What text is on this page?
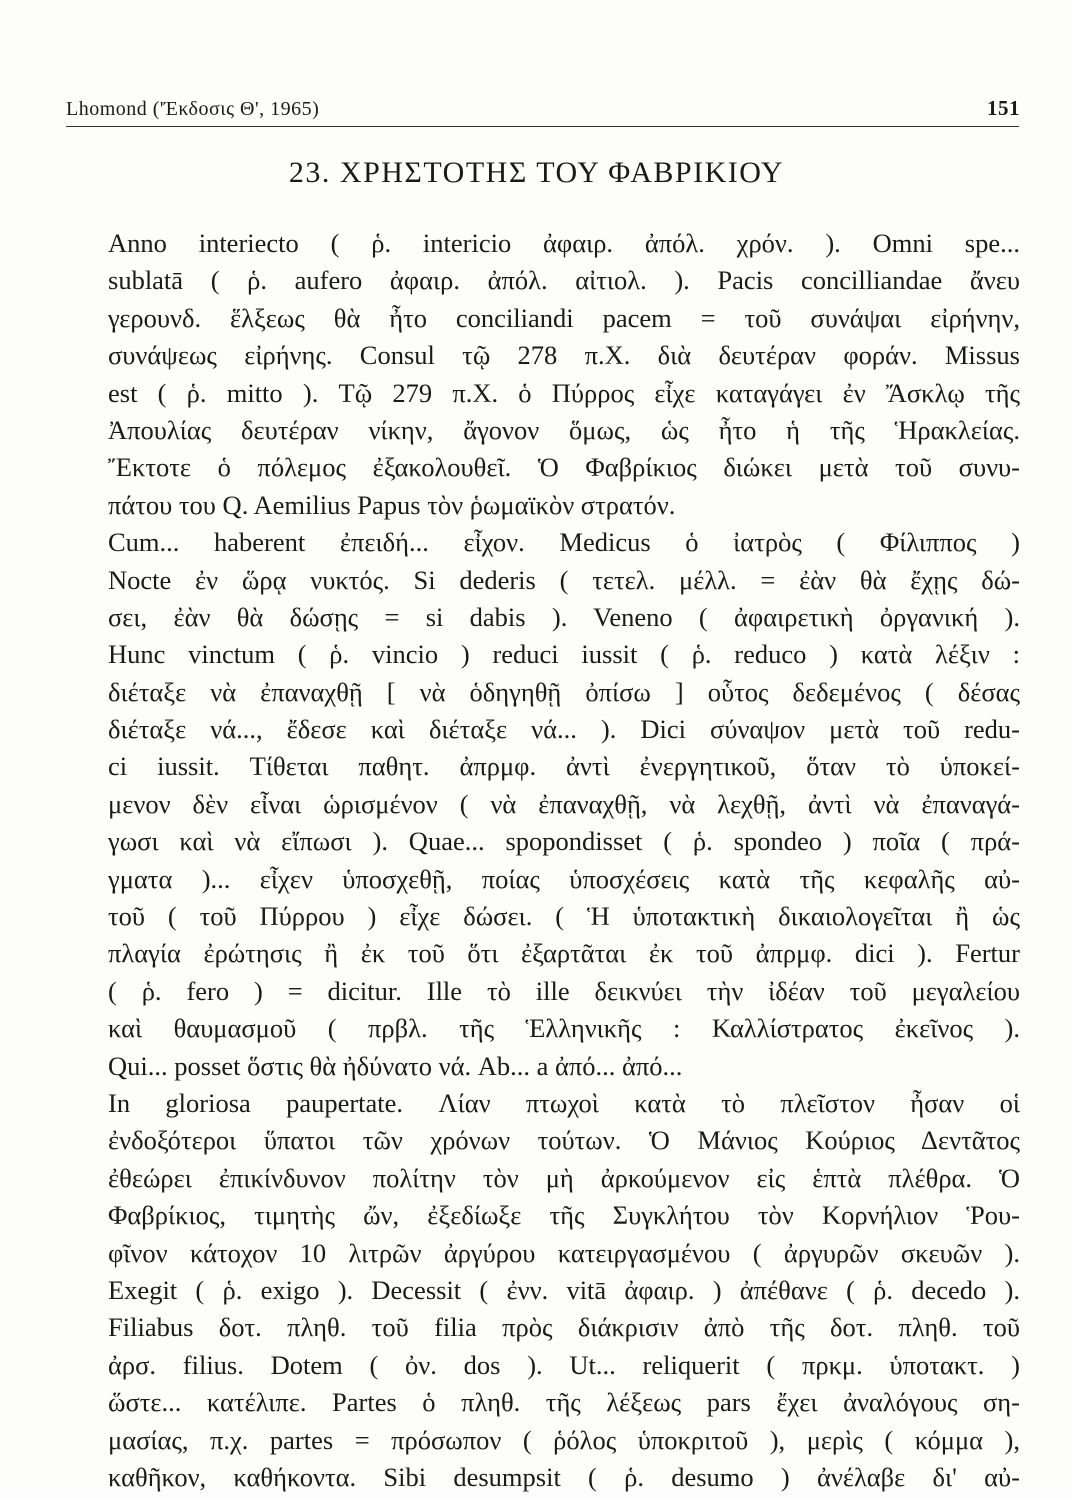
Lhomond ('Έκδοσις Θ', 1965)	151
23. ΧΡΗΣΤΟΤΗΣ ΤΟΥ ΦΑΒΡΙΚΙΟΥ
Anno interiecto ( ῥ. intericio ἀφαιρ. ἀπόλ. χρόν. ). Omni spe...
sublatā ( ῥ. aufero ἀφαιρ. ἀπόλ. αἰτιολ. ). Pacis concilliandae ἄνευ
γερουνδ. ἕλξεως θὰ ἦτο conciliandi pacem = τοῦ συνάψαι εἰρήνην,
συνάψεως εἰρήνης. Consul τῷ 278 π.Χ. διὰ δευτέραν φοράν. Missus
est ( ῥ. mitto ). Τῷ 279 π.Χ. ὁ Πύρρος εἶχε καταγάγει ἐν Ἄσκλῳ τῆς
Ἀπουλίας δευτέραν νίκην, ἄγονον ὅμως, ὡς ἦτο ἡ τῆς Ἡρακλείας.
Ἔκτοτε ὁ πόλεμος ἐξακολουθεῖ. Ὁ Φαβρίκιος διώκει μετὰ τοῦ συνυ-
πάτου του Q. Aemilius Papus τὸν ῥωμαϊκὸν στρατόν.
Cum... haberent ἐπειδή... εἶχον. Medicus ὁ ἰατρὸς ( Φίλιππος )
Nocte ἐν ὥρᾳ νυκτός. Si dederis ( τετελ. μέλλ. = ἐὰν θὰ ἔχῃς δώ-
σει, ἐὰν θὰ δώσῃς = si dabis ). Veneno ( ἀφαιρετικὴ ὀργανική ).
Hunc vinctum ( ῥ. vincio ) reduci iussit ( ῥ. reduco ) κατὰ λέξιν :
διέταξε νὰ ἐπαναχθῇ [ νὰ ὁδηγηθῇ ὀπίσω ] οὗτος δεδεμένος ( δέσας
διέταξε νά..., ἔδεσε καὶ διέταξε νά... ). Dici σύναψον μετὰ τοῦ redu-
ci iussit. Τίθεται παθητ. ἀπρμφ. ἀντὶ ἐνεργητικοῦ, ὅταν τὸ ὑποκεί-
μενον δὲν εἶναι ὡρισμένον ( νὰ ἐπαναχθῇ, νὰ λεχθῇ, ἀντὶ νὰ ἐπαναγά-
γωσι καὶ νὰ εἴπωσι ). Quae... spopondisset ( ῥ. spondeo ) ποῖα ( πρά-
γματα )... εἶχεν ὑποσχεθῇ, ποίας ὑποσχέσεις κατὰ τῆς κεφαλῆς αὐ-
τοῦ ( τοῦ Πύρρου ) εἶχε δώσει. ( Ἡ ὑποτακτικὴ δικαιολογεῖται ἢ ὡς
πλαγία ἐρώτησις ἢ ἐκ τοῦ ὅτι ἐξαρτᾶται ἐκ τοῦ ἀπρμφ. dici ). Fertur
( ῥ. fero ) = dicitur. Ille τὸ ille δεικνύει τὴν ἰδέαν τοῦ μεγαλείου
καὶ θαυμασμοῦ ( πρβλ. τῆς Ἑλληνικῆς : Καλλίστρατος ἐκεῖνος ).
Qui... posset ὅστις θὰ ἠδύνατο νά. Ab... a ἀπό... ἀπό...
In gloriosa paupertate. Λίαν πτωχοὶ κατὰ τὸ πλεῖστον ἦσαν οἱ
ἐνδοξότεροι ὕπατοι τῶν χρόνων τούτων. Ὁ Μάνιος Κούριος Δεντᾶτος
ἐθεώρει ἐπικίνδυνον πολίτην τὸν μὴ ἀρκούμενον εἰς ἑπτὰ πλέθρα. Ὁ
Φαβρίκιος, τιμητὴς ὤν, ἐξεδίωξε τῆς Συγκλήτου τὸν Κορνήλιον Ῥου-
φῖνον κάτοχον 10 λιτρῶν ἀργύρου κατειργασμένου ( ἀργυρῶν σκευῶν ).
Exegit ( ῥ. exigo ). Decessit ( ἐνν. vitā ἀφαιρ. ) ἀπέθανε ( ῥ. decedo ).
Filiabus δοτ. πληθ. τοῦ filia πρὸς διάκρισιν ἀπὸ τῆς δοτ. πληθ. τοῦ
ἀρσ. filius. Dotem ( ὀν. dos ). Ut... reliquerit ( πρκμ. ὑποτακτ. )
ὥστε... κατέλιπε. Partes ὁ πληθ. τῆς λέξεως pars ἔχει ἀναλόγους ση-
μασίας, π.χ. partes = πρόσωπον ( ῥόλος ὑποκριτοῦ ), μερὶς ( κόμμα ),
καθῆκον, καθήκοντα. Sibi desumpsit ( ῥ. desumo ) ἀνέλαβε δι' αὐ-
